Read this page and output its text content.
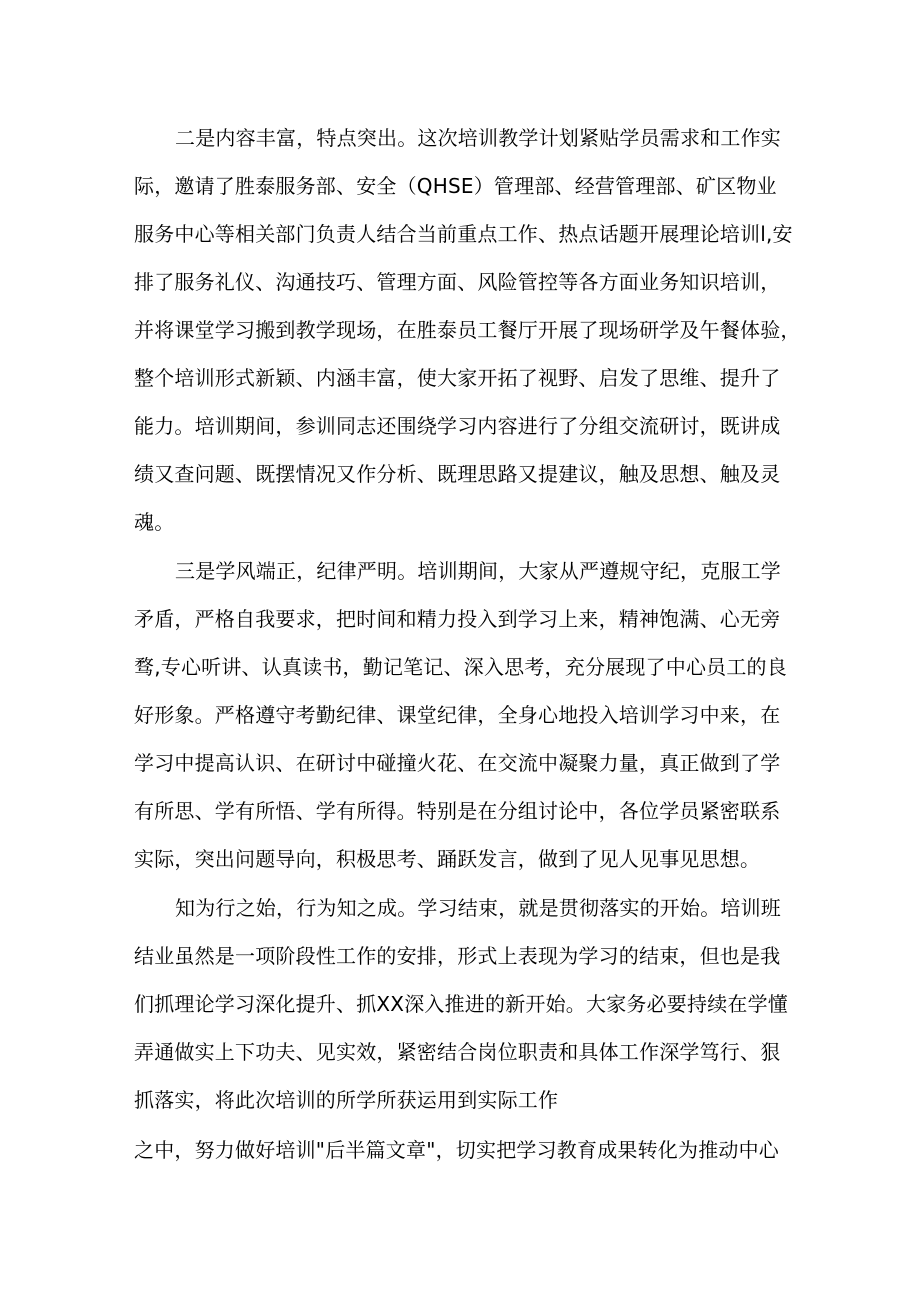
二是内容丰富，特点突出。这次培训教学计划紧贴学员需求和工作实
际，邀请了胜泰服务部、安全（QHSE）管理部、经营管理部、矿区物业
服务中心等相关部门负责人结合当前重点工作、热点话题开展理论培训l,安
排了服务礼仪、沟通技巧、管理方面、风险管控等各方面业务知识培训，
并将课堂学习搬到教学现场，在胜泰员工餐厅开展了现场研学及午餐体验，
整个培训形式新颖、内涵丰富，使大家开拓了视野、启发了思维、提升了
能力。培训期间，参训同志还围绕学习内容进行了分组交流研讨，既讲成
绩又查问题、既摆情况又作分析、既理思路又提建议，触及思想、触及灵
魂。
三是学风端正，纪律严明。培训期间，大家从严遵规守纪，克服工学
矛盾，严格自我要求，把时间和精力投入到学习上来，精神饱满、心无旁
骛,专心听讲、认真读书，勤记笔记、深入思考，充分展现了中心员工的良
好形象。严格遵守考勤纪律、课堂纪律，全身心地投入培训学习中来，在
学习中提高认识、在研讨中碰撞火花、在交流中凝聚力量，真正做到了学
有所思、学有所悟、学有所得。特别是在分组讨论中，各位学员紧密联系
实际，突出问题导向，积极思考、踊跃发言，做到了见人见事见思想。
知为行之始，行为知之成。学习结束，就是贯彻落实的开始。培训班
结业虽然是一项阶段性工作的安排，形式上表现为学习的结束，但也是我
们抓理论学习深化提升、抓XX深入推进的新开始。大家务必要持续在学懂
弄通做实上下功夫、见实效，紧密结合岗位职责和具体工作深学笃行、狠
抓落实，将此次培训的所学所获运用到实际工作
之中，努力做好培训"后半篇文章"，切实把学习教育成果转化为推动中心
